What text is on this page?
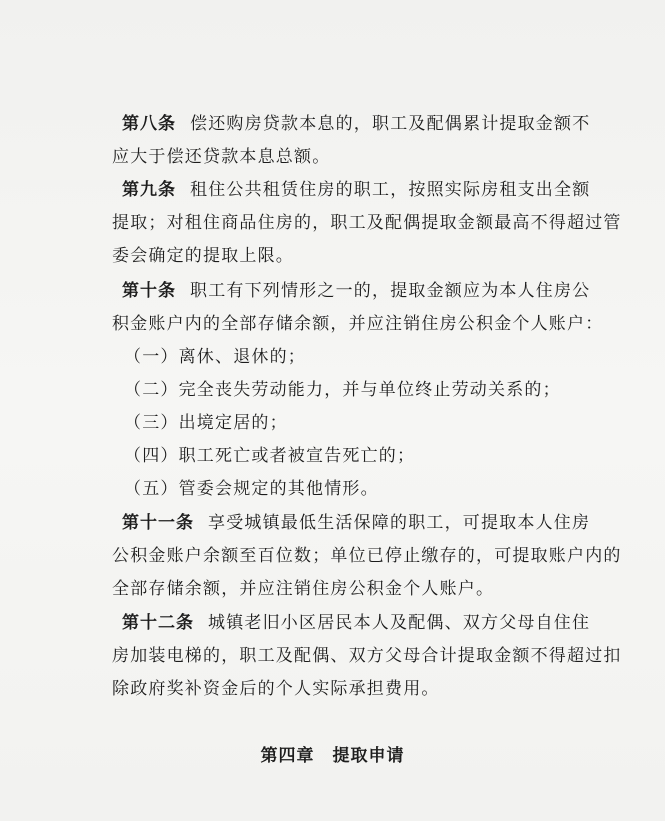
第八条 偿还购房贷款本息的，职工及配偶累计提取金额不
应大于偿还贷款本息总额。
第九条 租住公共租赁住房的职工，按照实际房租支出全额
提取；对租住商品住房的，职工及配偶提取金额最高不得超过管
委会确定的提取上限。
第十条 职工有下列情形之一的，提取金额应为本人住房公
积金账户内的全部存储余额，并应注销住房公积金个人账户：
（一）离休、退休的；
（二）完全丧失劳动能力，并与单位终止劳动关系的；
（三）出境定居的；
（四）职工死亡或者被宣告死亡的；
（五）管委会规定的其他情形。
第十一条 享受城镇最低生活保障的职工，可提取本人住房
公积金账户余额至百位数；单位已停止缴存的，可提取账户内的
全部存储余额，并应注销住房公积金个人账户。
第十二条 城镇老旧小区居民本人及配偶、双方父母自住住
房加装电梯的，职工及配偶、双方父母合计提取金额不得超过扣
除政府奖补资金后的个人实际承担费用。
第四章 提取申请
